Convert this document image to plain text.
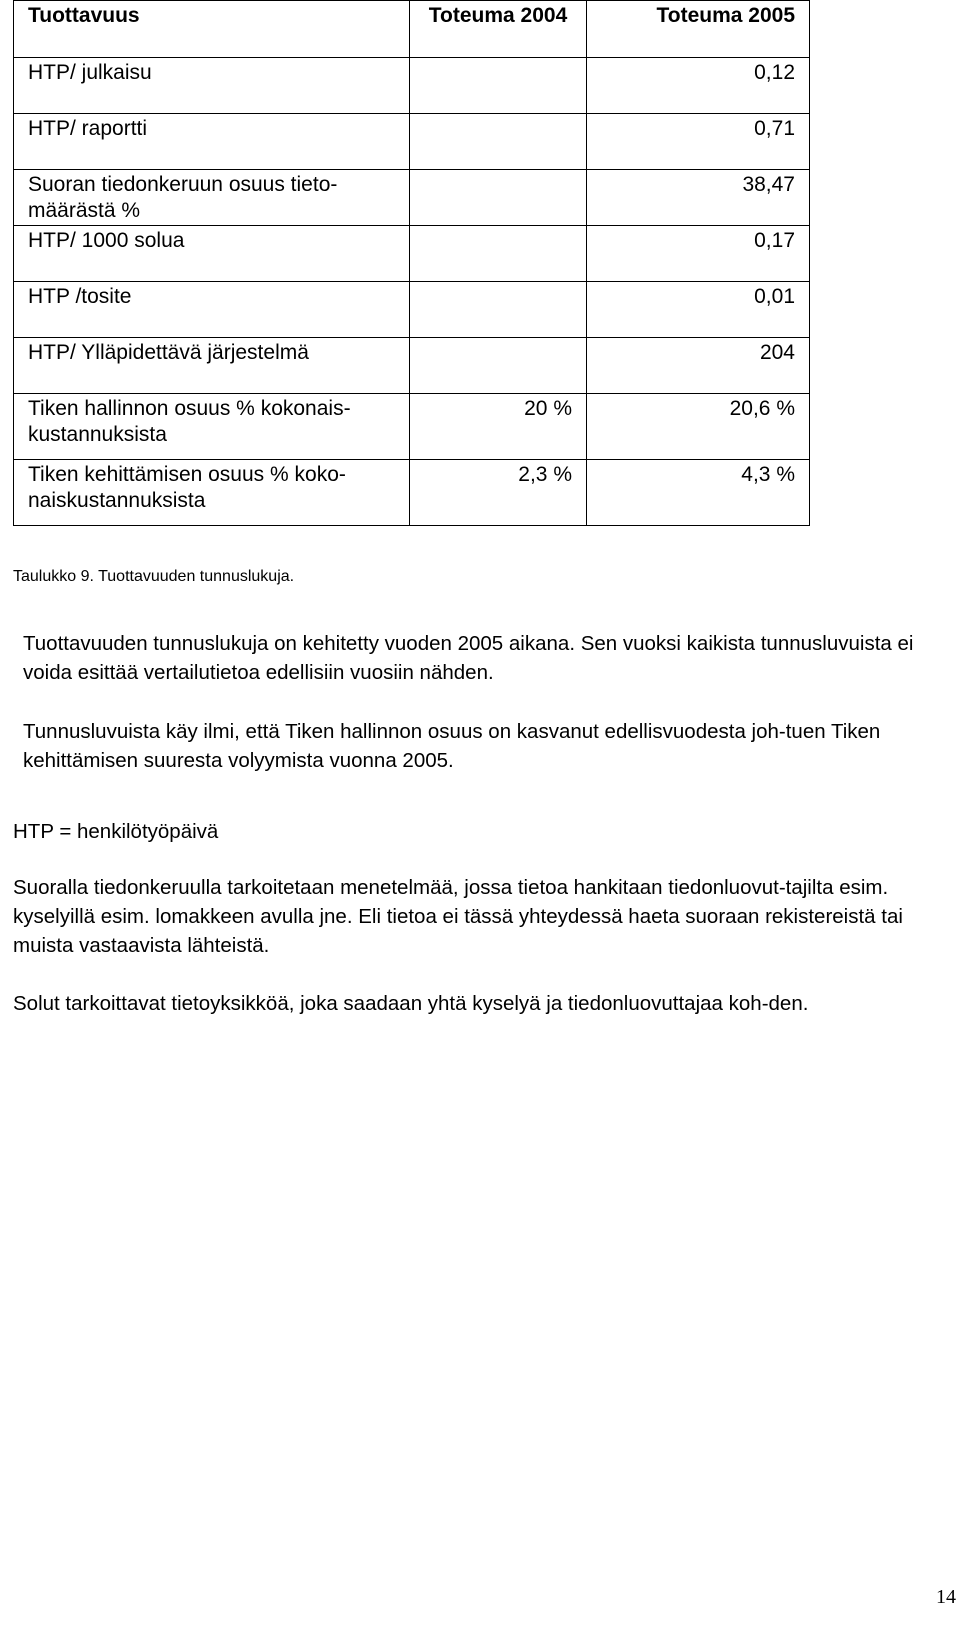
Tuottavuus	Toteuma 2004	Toteuma 2005
HTP/ julkaisu		0,12
HTP/ raportti		0,71
Suoran tiedonkeruun osuus tieto-määrästä %		38,47
HTP/ 1000 solua		0,17
HTP /tosite		0,01
HTP/ Ylläpidettävä järjestelmä		204
Tiken hallinnon osuus % kokonais-kustannuksista	20 %	20,6 %
Tiken kehittämisen osuus % koko-naiskustannuksista	2,3 %	4,3 %
Taulukko 9. Tuottavuuden tunnuslukuja.

Tuottavuuden tunnuslukuja on kehitetty vuoden 2005 aikana. Sen vuoksi kaikista tunnusluvuista ei voida esittää vertailutietoa edellisiin vuosiin nähden.

Tunnusluvuista käy ilmi, että Tiken hallinnon osuus on kasvanut edellisvuodesta joh-tuen Tiken kehittämisen suuresta volyymista vuonna 2005.

HTP = henkilötyöpäivä

Suoralla tiedonkeruulla tarkoitetaan menetelmää, jossa tietoa hankitaan tiedonluovut-tajilta esim. kyselyillä esim. lomakkeen avulla jne. Eli tietoa ei tässä yhteydessä haeta suoraan rekistereistä tai muista vastaavista lähteistä.

Solut tarkoittavat tietoyksikköä, joka saadaan yhtä kyselyä ja tiedonluovuttajaa koh-den.

14
